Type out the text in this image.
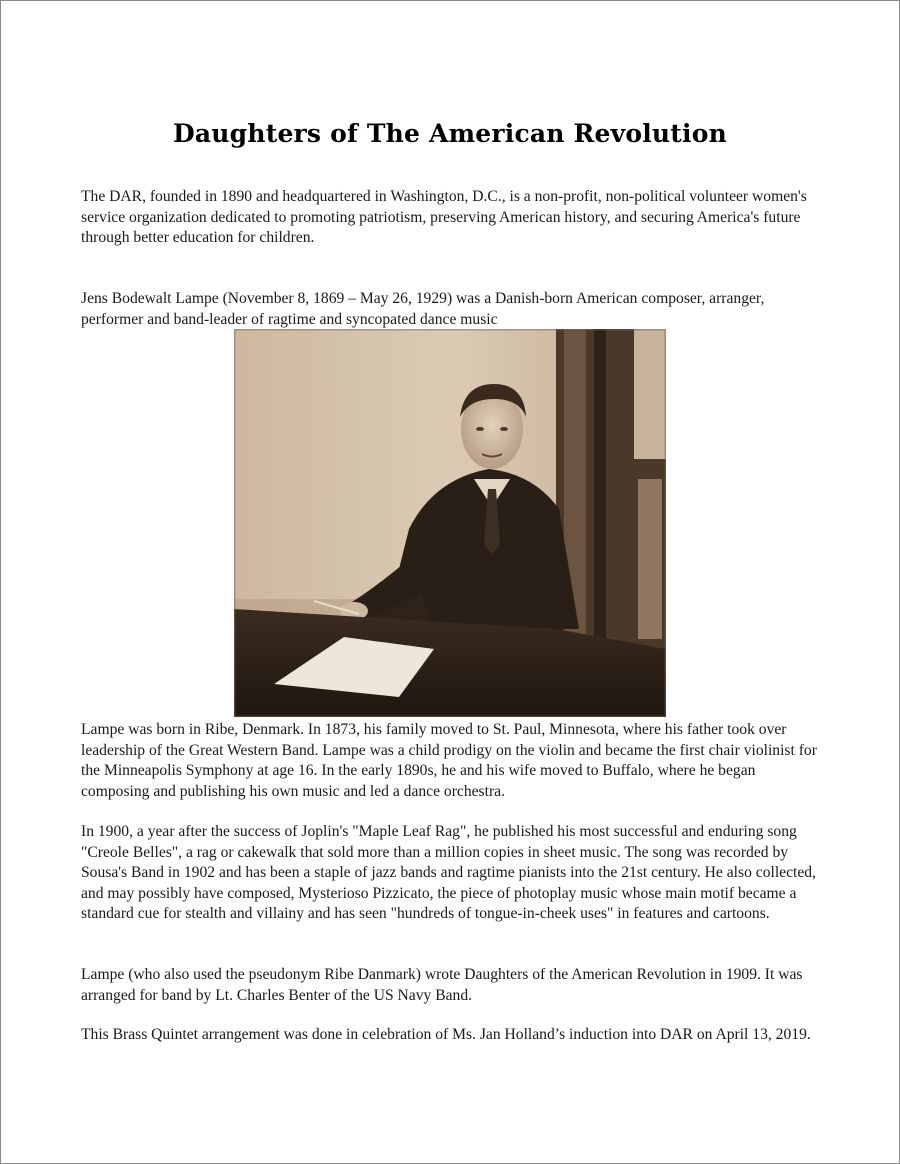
Daughters of The American Revolution

The DAR, founded in 1890 and headquartered in Washington, D.C., is a non-profit, non-political volunteer women's service organization dedicated to promoting patriotism, preserving American history, and securing America's future through better education for children.

Jens Bodewalt Lampe (November 8, 1869 – May 26, 1929) was a Danish-born American composer, arranger, performer and band-leader of ragtime and syncopated dance music

Lampe was born in Ribe, Denmark. In 1873, his family moved to St. Paul, Minnesota, where his father took over leadership of the Great Western Band. Lampe was a child prodigy on the violin and became the first chair violinist for the Minneapolis Symphony at age 16. In the early 1890s, he and his wife moved to Buffalo, where he began composing and publishing his own music and led a dance orchestra.

In 1900, a year after the success of Joplin's "Maple Leaf Rag", he published his most successful and enduring song "Creole Belles", a rag or cakewalk that sold more than a million copies in sheet music. The song was recorded by Sousa's Band in 1902 and has been a staple of jazz bands and ragtime pianists into the 21st century. He also collected, and may possibly have composed, Mysterioso Pizzicato, the piece of photoplay music whose main motif became a standard cue for stealth and villainy and has seen "hundreds of tongue-in-cheek uses" in features and cartoons.

Lampe (who also used the pseudonym Ribe Danmark) wrote Daughters of the American Revolution in 1909. It was arranged for band by Lt. Charles Benter of the US Navy Band.

This Brass Quintet arrangement was done in celebration of Ms. Jan Holland’s induction into DAR on April 13, 2019.
